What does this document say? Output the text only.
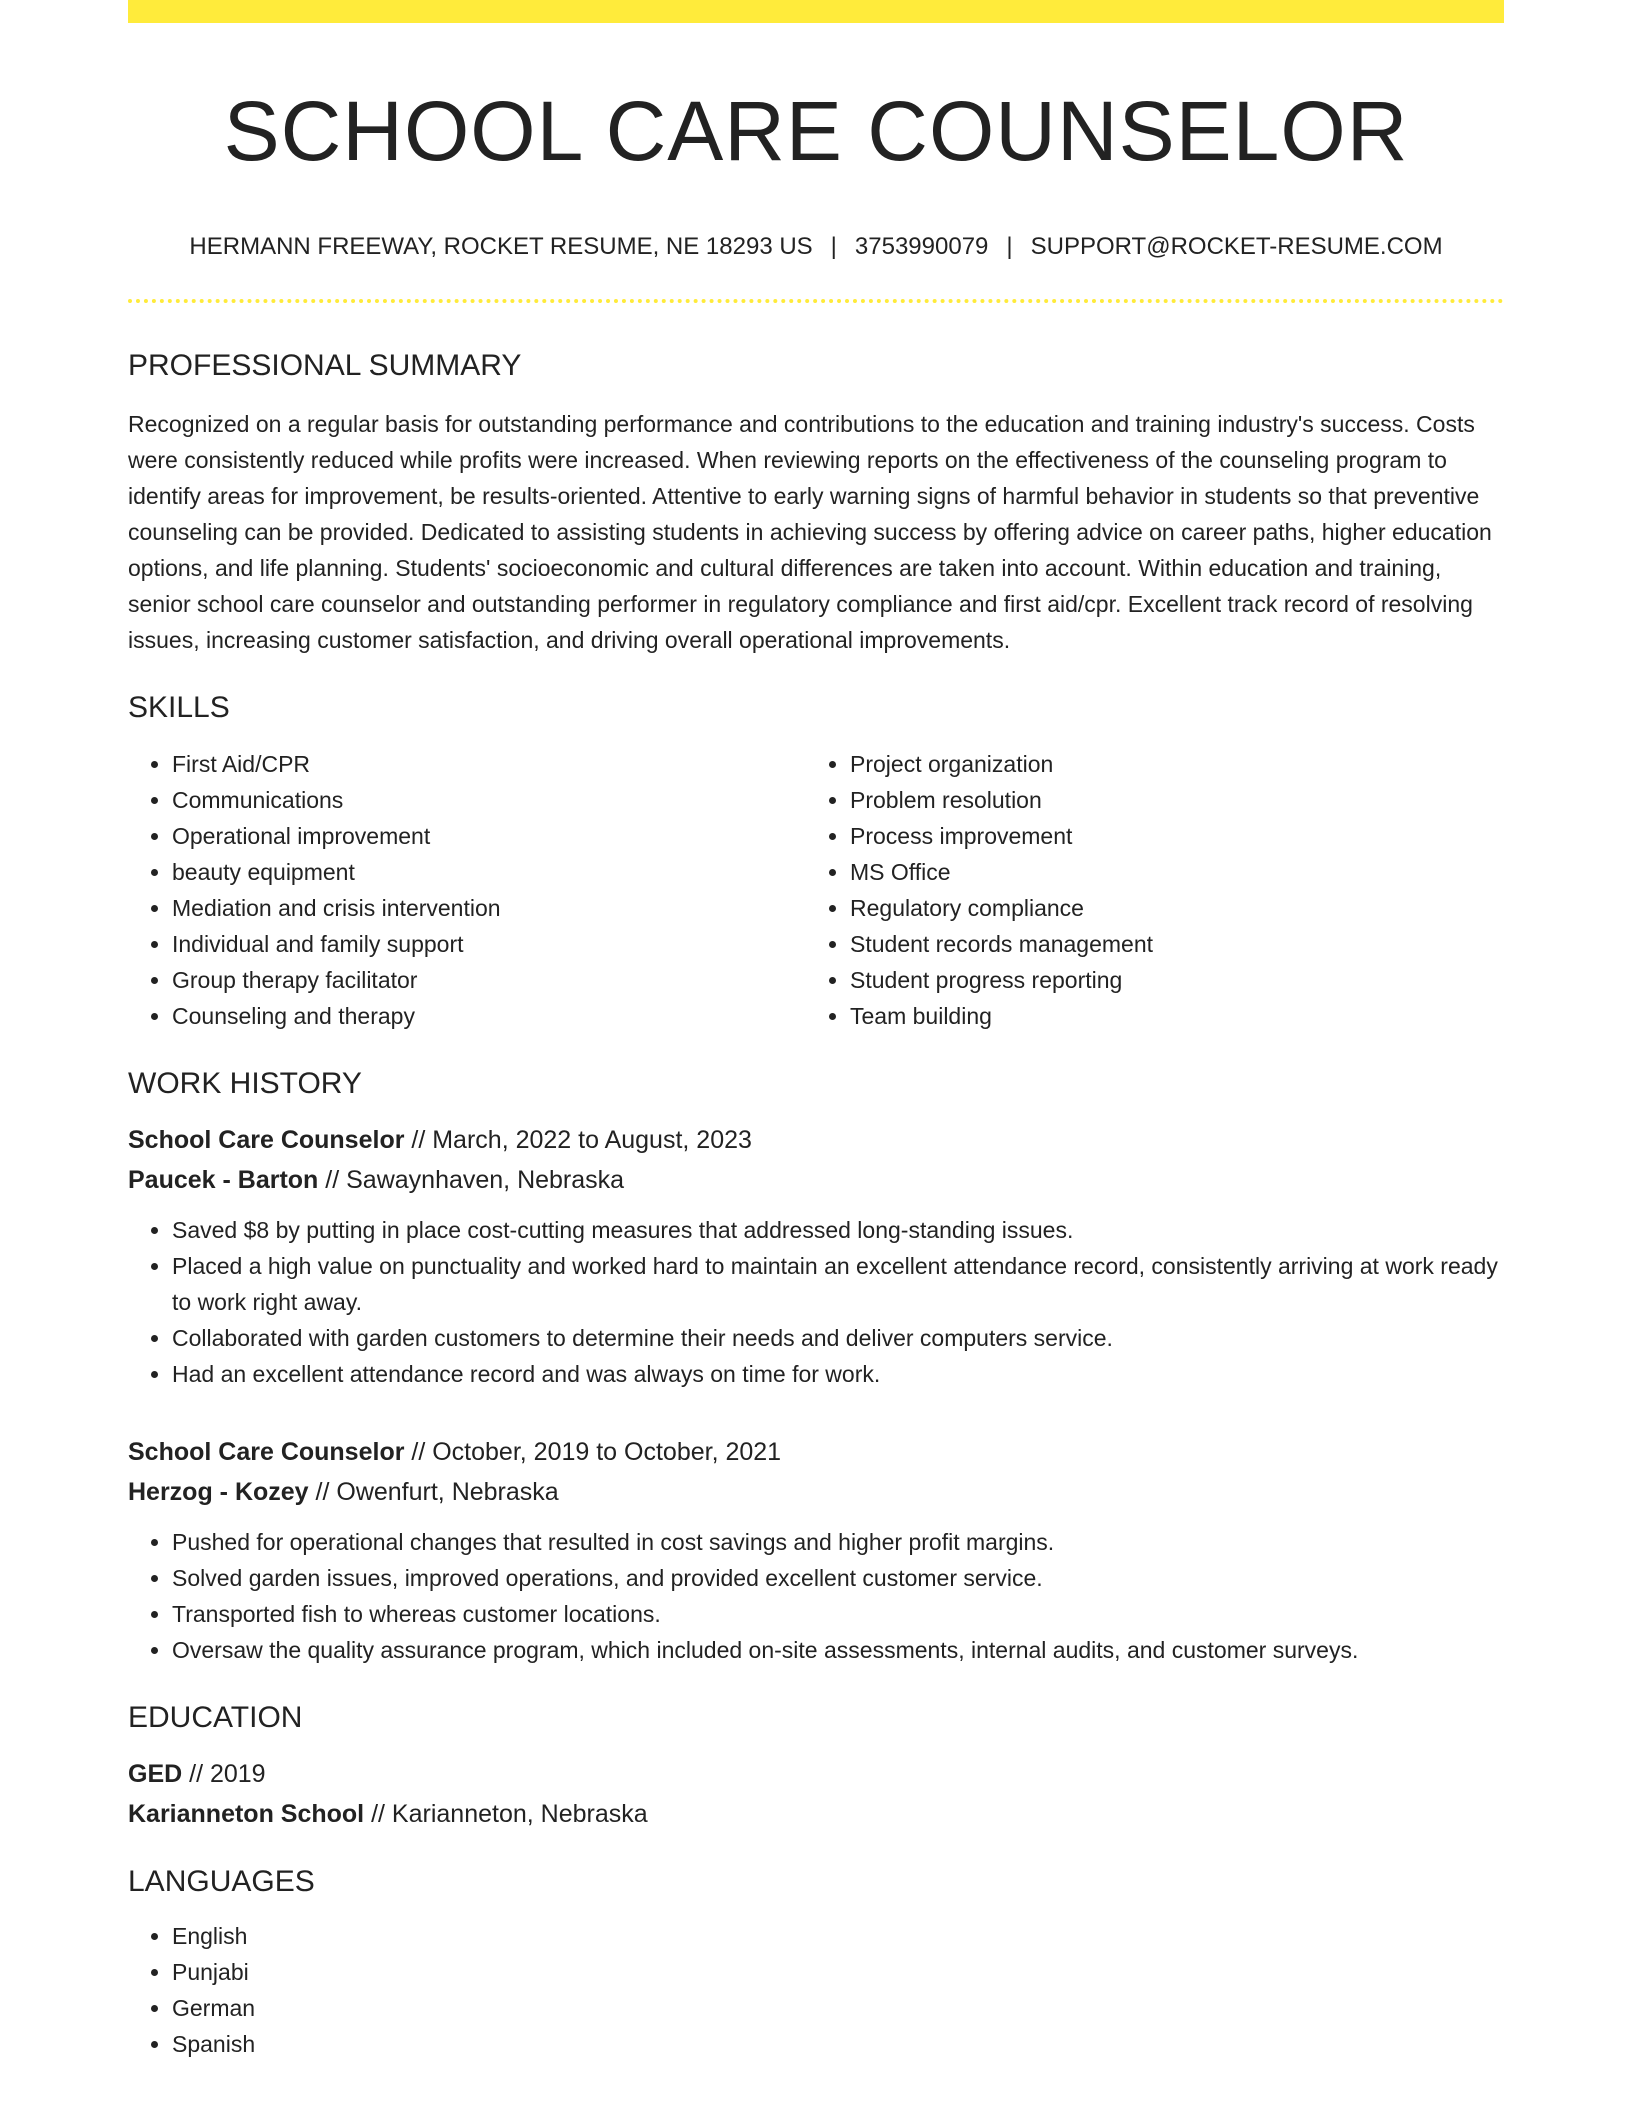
SCHOOL CARE COUNSELOR
HERMANN FREEWAY, ROCKET RESUME, NE 18293 US | 3753990079 | SUPPORT@ROCKET-RESUME.COM
PROFESSIONAL SUMMARY
Recognized on a regular basis for outstanding performance and contributions to the education and training industry's success. Costs were consistently reduced while profits were increased. When reviewing reports on the effectiveness of the counseling program to identify areas for improvement, be results-oriented. Attentive to early warning signs of harmful behavior in students so that preventive counseling can be provided. Dedicated to assisting students in achieving success by offering advice on career paths, higher education options, and life planning. Students' socioeconomic and cultural differences are taken into account. Within education and training, senior school care counselor and outstanding performer in regulatory compliance and first aid/cpr. Excellent track record of resolving issues, increasing customer satisfaction, and driving overall operational improvements.
SKILLS
• First Aid/CPR
• Communications
• Operational improvement
• beauty equipment
• Mediation and crisis intervention
• Individual and family support
• Group therapy facilitator
• Counseling and therapy
• Project organization
• Problem resolution
• Process improvement
• MS Office
• Regulatory compliance
• Student records management
• Student progress reporting
• Team building
WORK HISTORY
School Care Counselor // March, 2022 to August, 2023
Paucek - Barton // Sawaynhaven, Nebraska
• Saved $8 by putting in place cost-cutting measures that addressed long-standing issues.
• Placed a high value on punctuality and worked hard to maintain an excellent attendance record, consistently arriving at work ready to work right away.
• Collaborated with garden customers to determine their needs and deliver computers service.
• Had an excellent attendance record and was always on time for work.
School Care Counselor // October, 2019 to October, 2021
Herzog - Kozey // Owenfurt, Nebraska
• Pushed for operational changes that resulted in cost savings and higher profit margins.
• Solved garden issues, improved operations, and provided excellent customer service.
• Transported fish to whereas customer locations.
• Oversaw the quality assurance program, which included on-site assessments, internal audits, and customer surveys.
EDUCATION
GED // 2019
Karianneton School // Karianneton, Nebraska
LANGUAGES
• English
• Punjabi
• German
• Spanish
